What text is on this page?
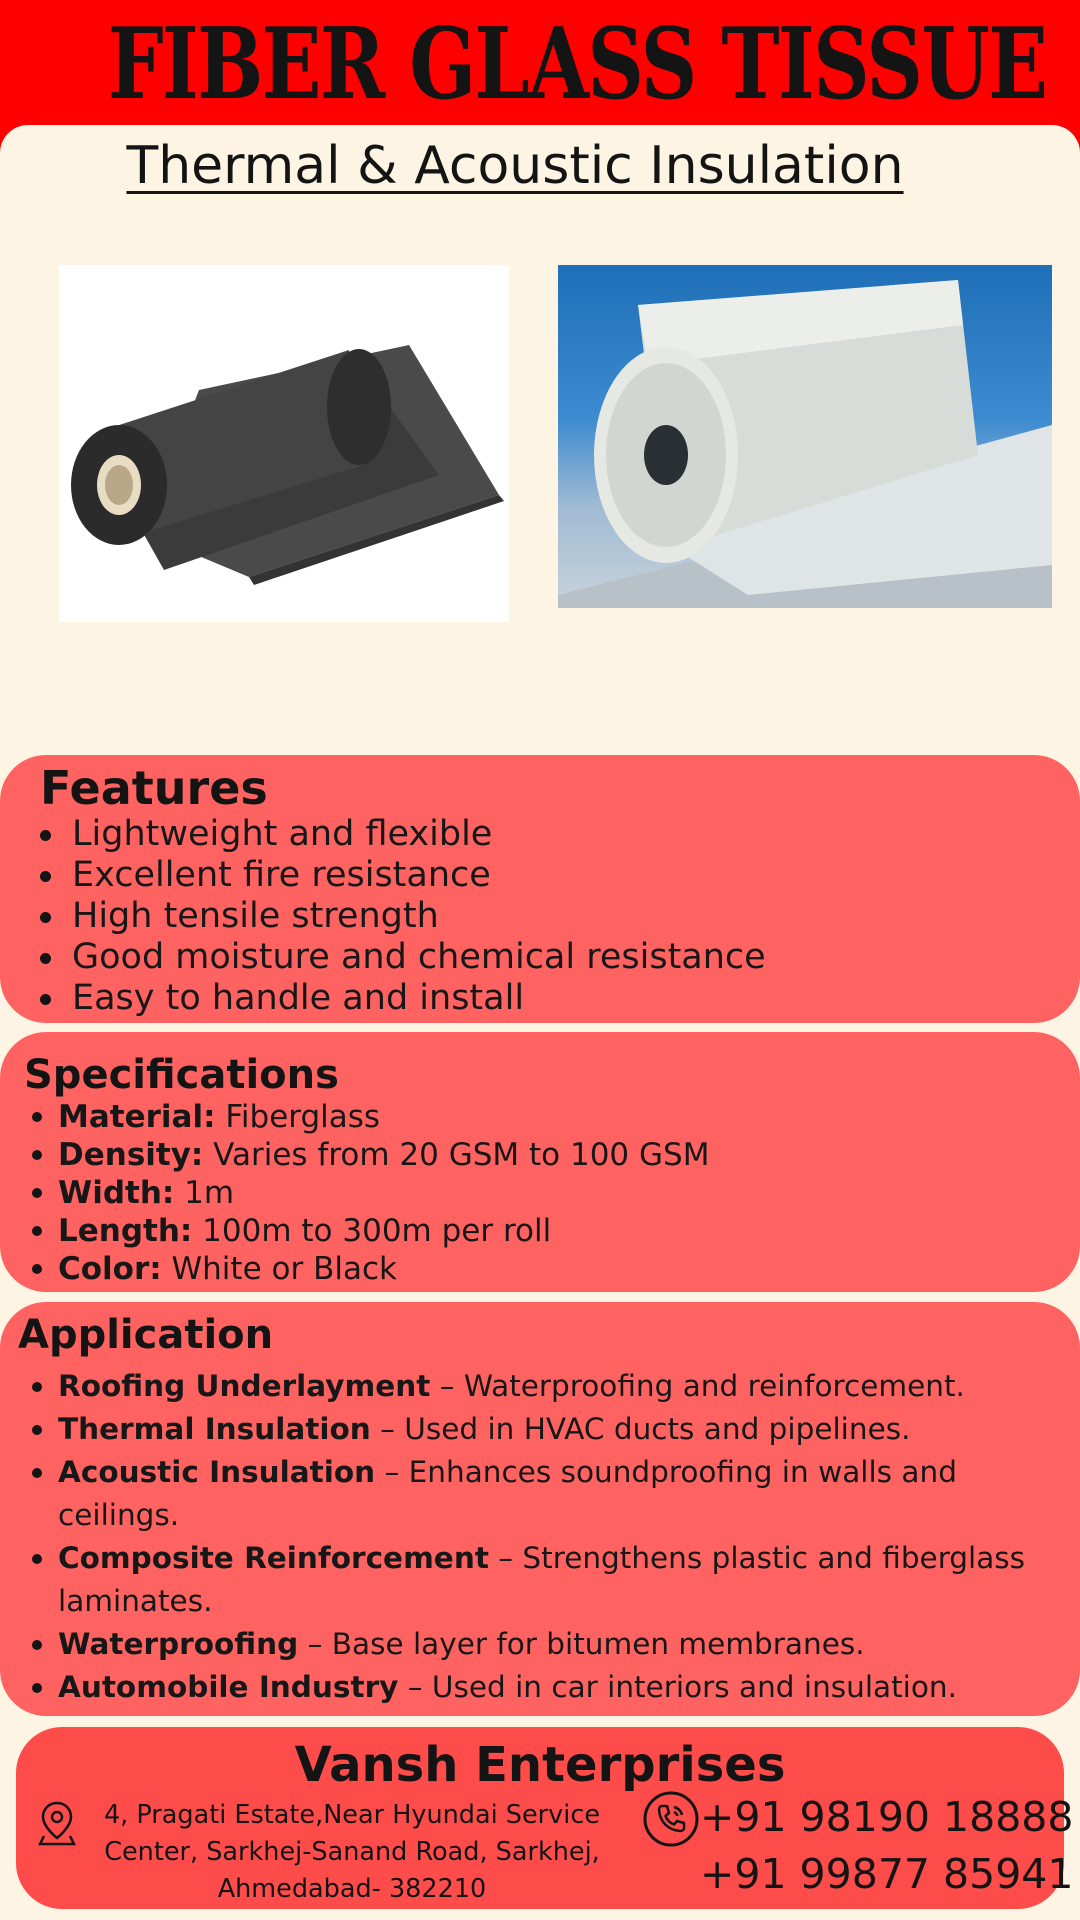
FIBER GLASS TISSUE
Thermal & Acoustic Insulation
Features
Lightweight and flexible
Excellent fire resistance
High tensile strength
Good moisture and chemical resistance
Easy to handle and install
Specifications
Material: Fiberglass
Density: Varies from 20 GSM to 100 GSM
Width: 1m
Length: 100m to 300m per roll
Color: White or Black
Application
Roofing Underlayment – Waterproofing and reinforcement.
Thermal Insulation – Used in HVAC ducts and pipelines.
Acoustic Insulation – Enhances soundproofing in walls and ceilings.
Composite Reinforcement – Strengthens plastic and fiberglass laminates.
Waterproofing – Base layer for bitumen membranes.
Automobile Industry – Used in car interiors and insulation.
Vansh Enterprises
4, Pragati Estate,Near Hyundai Service Center, Sarkhej-Sanand Road, Sarkhej, Ahmedabad- 382210
+91 98190 18888
+91 99877 85941
